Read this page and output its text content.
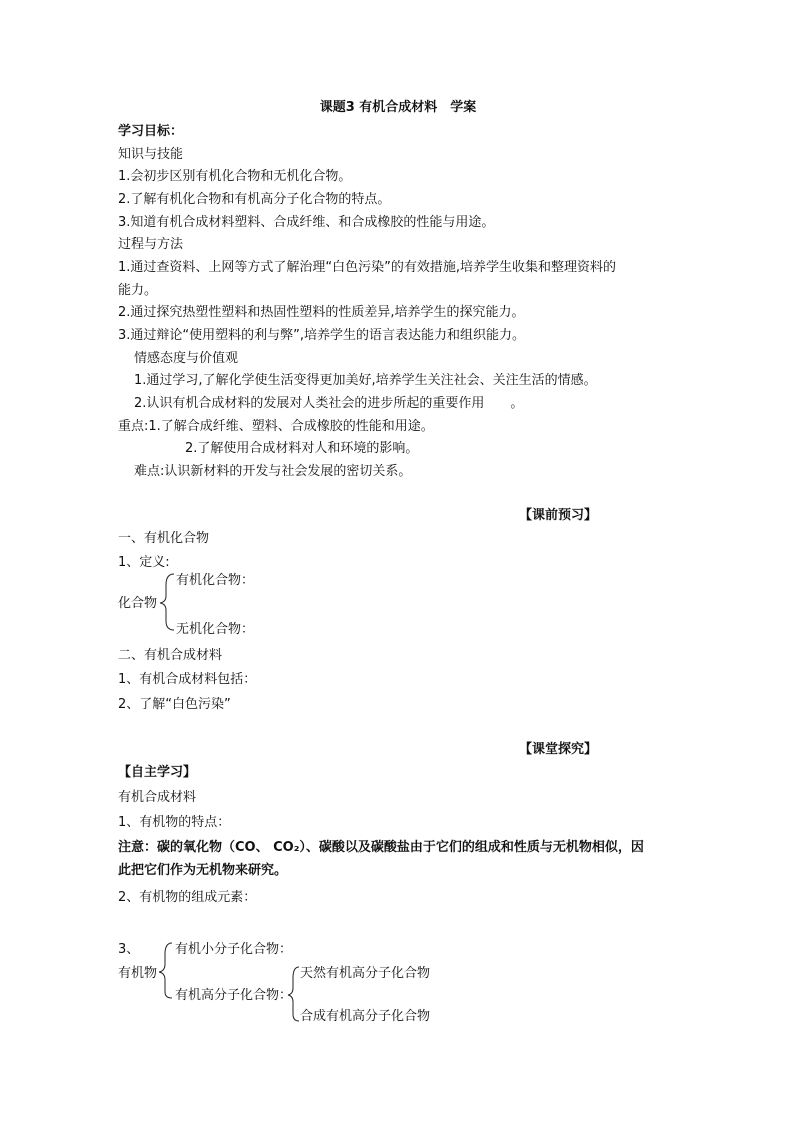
课题3 有机合成材料　学案
学习目标：
知识与技能
1.会初步区别有机化合物和无机化合物。
2.了解有机化合物和有机高分子化合物的特点。
3.知道有机合成材料塑料、合成纤维、和合成橡胶的性能与用途。
过程与方法
1.通过查资料、上网等方式了解治理“白色污染”的有效措施,培养学生收集和整理资料的
能力。
2.通过探究热塑性塑料和热固性塑料的性质差异,培养学生的探究能力。
3.通过辩论“使用塑料的利与弊”,培养学生的语言表达能力和组织能力。
情感态度与价值观
1.通过学习,了解化学使生活变得更加美好,培养学生关注社会、关注生活的情感。
2.认识有机合成材料的发展对人类社会的进步所起的重要作用　　。
重点:1.了解合成纤维、塑料、合成橡胶的性能和用途。
2.了解使用合成材料对人和环境的影响。
难点:认识新材料的开发与社会发展的密切关系。
【课前预习】
一、有机化合物
1、定义:
有机化合物：
化合物
无机化合物：
二、有机合成材料
1、有机合成材料包括：
2、了解“白色污染”
【课堂探究】
【自主学习】
有机合成材料
1、有机物的特点：
注意：碳的氧化物（CO、 CO₂）、碳酸以及碳酸盐由于它们的组成和性质与无机物相似，因
此把它们作为无机物来研究。
2、有机物的组成元素：
3、	有机小分子化合物：
有机物	天然有机高分子化合物
有机高分子化合物：
合成有机高分子化合物
